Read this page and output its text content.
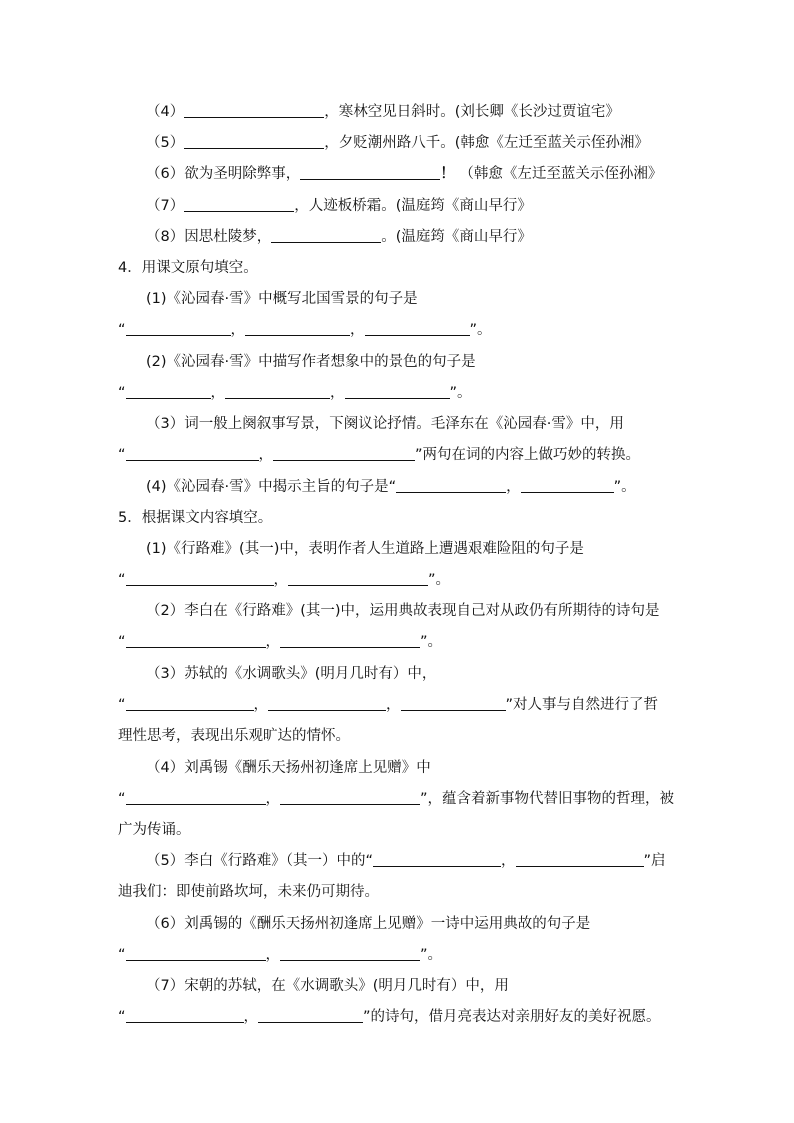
（4）	，寒林空见日斜时。(刘长卿《长沙过贾谊宅》
（5）	，夕贬潮州路八千。(韩愈《左迁至蓝关示侄孙湘》
（6）欲为圣明除弊事，	！ （韩愈《左迁至蓝关示侄孙湘》
（7）	，人迹板桥霜。(温庭筠《商山早行》
（8）因思杜陵梦，	。(温庭筠《商山早行》
4．用课文原句填空。
(1)《沁园春·雪》中概写北国雪景的句子是
“	，	，	”。
(2)《沁园春·雪》中描写作者想象中的景色的句子是
“	，	，	”。
（3）词一般上阕叙事写景，下阕议论抒情。毛泽东在《沁园春·雪》中，用
“	，	”两句在词的内容上做巧妙的转换。
(4)《沁园春·雪》中揭示主旨的句子是“	，	”。
5．根据课文内容填空。
(1)《行路难》(其一)中，表明作者人生道路上遭遇艰难险阻的句子是
“	，	”。
（2）李白在《行路难》(其一)中，运用典故表现自己对从政仍有所期待的诗句是
“	，	”。
（3）苏轼的《水调歌头》(明月几时有）中，
“	，	，	”对人事与自然进行了哲
理性思考，表现出乐观旷达的情怀。
（4）刘禹锡《酬乐天扬州初逢席上见赠》中
“	，	”，蕴含着新事物代替旧事物的哲理，被
广为传诵。
（5）李白《行路难》（其一）中的“	，	”启
迪我们：即使前路坎坷，未来仍可期待。
（6）刘禹锡的《酬乐天扬州初逢席上见赠》一诗中运用典故的句子是
“	，	”。
（7）宋朝的苏轼，在《水调歌头》(明月几时有）中，用
“	，	”的诗句，借月亮表达对亲朋好友的美好祝愿。
